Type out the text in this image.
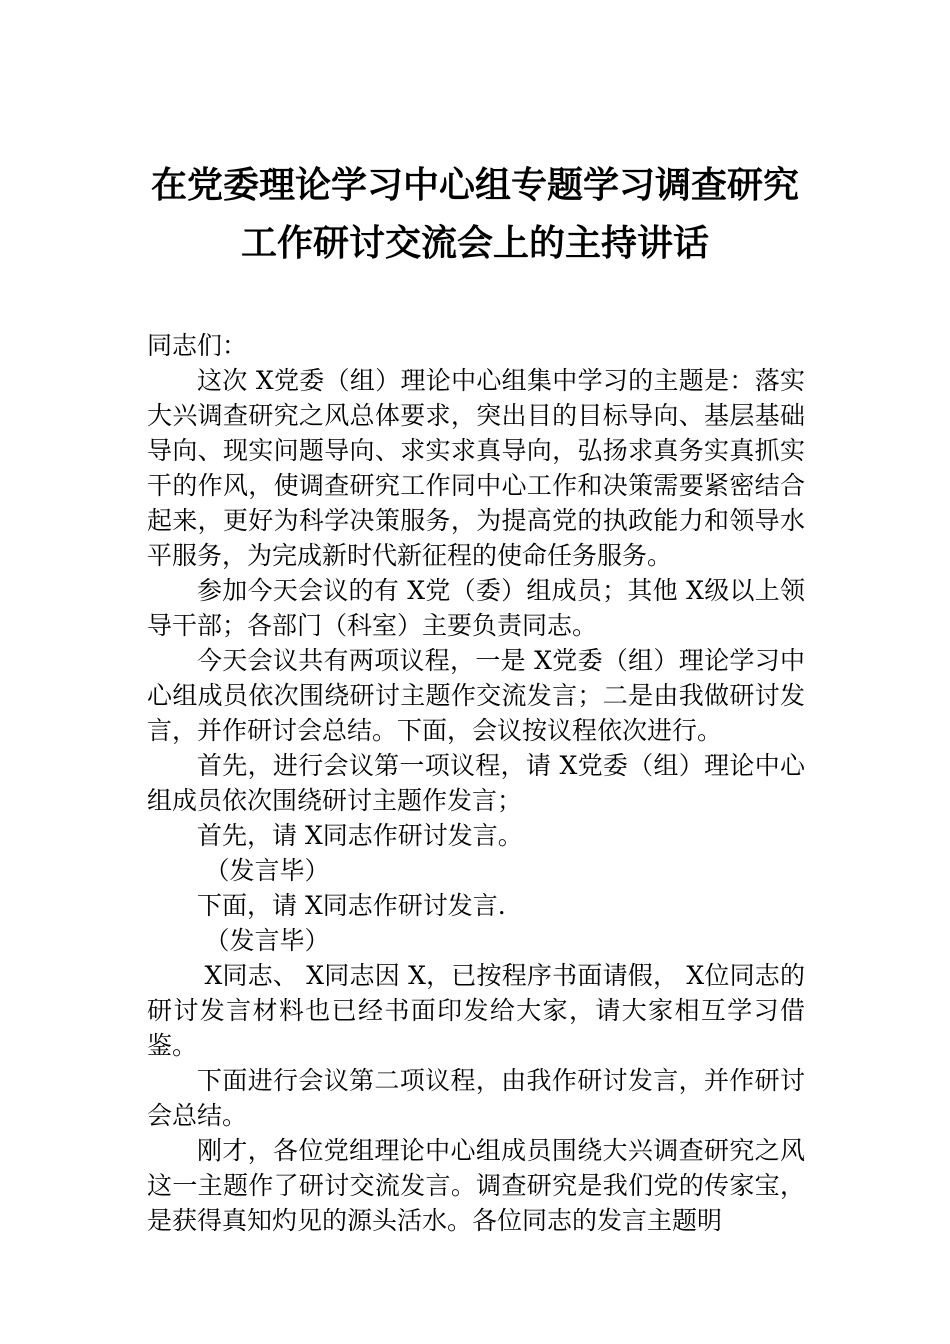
在党委理论学习中心组专题学习调查研究
工作研讨交流会上的主持讲话

同志们：

这次 X党委（组）理论中心组集中学习的主题是：落实大兴调查研究之风总体要求，突出目的目标导向、基层基础导向、现实问题导向、求实求真导向，弘扬求真务实真抓实干的作风，使调查研究工作同中心工作和决策需要紧密结合起来，更好为科学决策服务，为提高党的执政能力和领导水平服务，为完成新时代新征程的使命任务服务。

参加今天会议的有 X党（委）组成员；其他 X级以上领导干部；各部门（科室）主要负责同志。

今天会议共有两项议程，一是 X党委（组）理论学习中心组成员依次围绕研讨主题作交流发言；二是由我做研讨发言，并作研讨会总结。下面，会议按议程依次进行。

首先，进行会议第一项议程，请 X党委（组）理论中心组成员依次围绕研讨主题作发言；

首先，请 X同志作研讨发言。

（发言毕）

下面，请 X同志作研讨发言.

（发言毕）

X同志、 X同志因 X，已按程序书面请假， X位同志的研讨发言材料也已经书面印发给大家，请大家相互学习借鉴。

下面进行会议第二项议程，由我作研讨发言，并作研讨会总结。

刚才，各位党组理论中心组成员围绕大兴调查研究之风这一主题作了研讨交流发言。调查研究是我们党的传家宝，是获得真知灼见的源头活水。各位同志的发言主题明
